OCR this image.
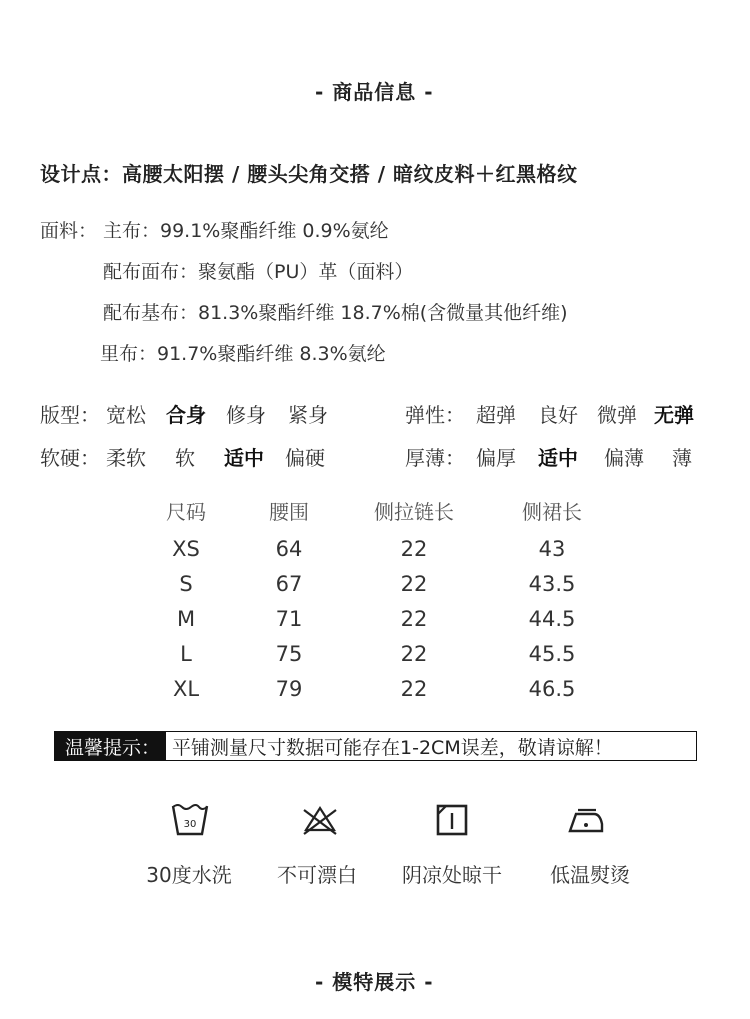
- 商品信息 -
设计点：高腰太阳摆 / 腰头尖角交搭 / 暗纹皮料＋红黑格纹
面料： 主布：99.1%聚酯纤维 0.9%氨纶
配布面布：聚氨酯（PU）革（面料）
配布基布：81.3%聚酯纤维 18.7%棉(含微量其他纤维)
里布：91.7%聚酯纤维 8.3%氨纶
版型： 宽松 合身 修身 紧身	弹性： 超弹 良好 微弹 无弹
软硬： 柔软 软 适中 偏硬	厚薄： 偏厚 适中 偏薄 薄
尺码	腰围	侧拉链长	侧裙长
XS	64	22	43
S	67	22	43.5
M	71	22	44.5
L	75	22	45.5
XL	79	22	46.5
温馨提示： 平铺测量尺寸数据可能存在1-2CM误差，敬请谅解！
30
30度水洗 不可漂白 阴凉处晾干 低温熨烫
- 模特展示 -
